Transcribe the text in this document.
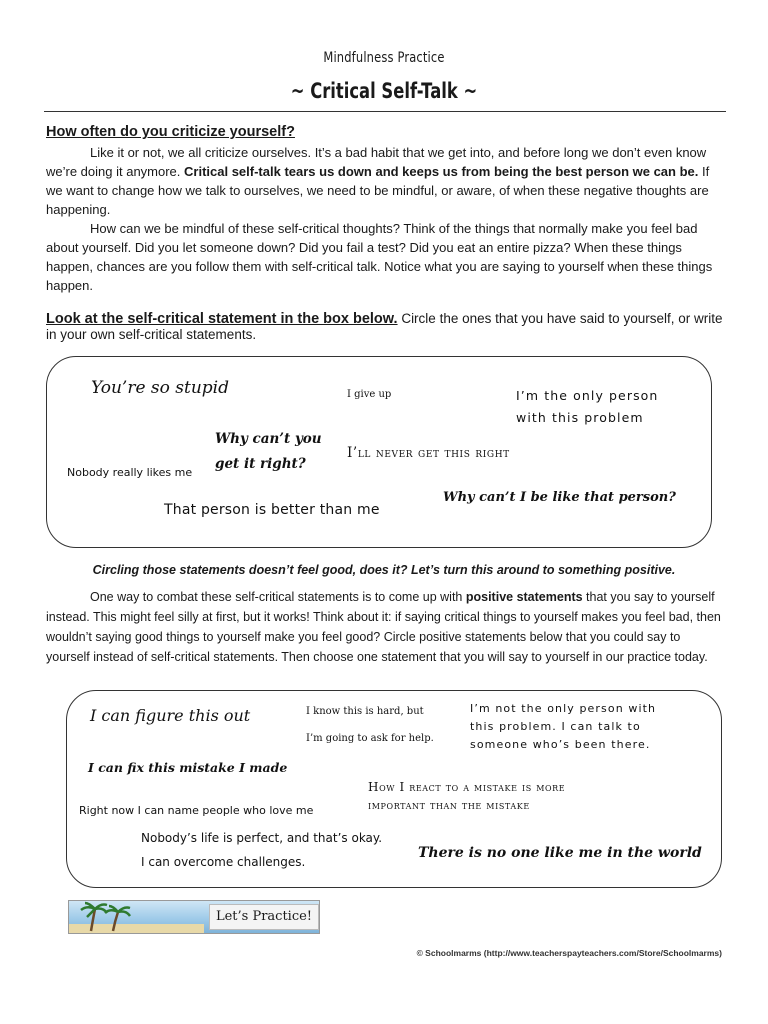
Mindfulness Practice
~ Critical Self-Talk ~
How often do you criticize yourself?

Like it or not, we all criticize ourselves. It’s a bad habit that we get into, and before long we don’t even know we’re doing it anymore. Critical self-talk tears us down and keeps us from being the best person we can be. If we want to change how we talk to ourselves, we need to be mindful, or aware, of when these negative thoughts are happening.

How can we be mindful of these self-critical thoughts? Think of the things that normally make you feel bad about yourself. Did you let someone down? Did you fail a test? Did you eat an entire pizza? When these things happen, chances are you follow them with self-critical talk. Notice what you are saying to yourself when these things happen.

Look at the self-critical statement in the box below. Circle the ones that you have said to yourself, or write in your own self-critical statements.
You’re so stupid	I give up	I’m the only person
with this problem
Why can’t you
get it right?
I’ll never get this right
Nobody really likes me
Why can’t I be like that person?
That person is better than me
Circling those statements doesn’t feel good, does it? Let’s turn this around to something positive.

One way to combat these self-critical statements is to come up with positive statements that you say to yourself instead. This might feel silly at first, but it works! Think about it: if saying critical things to yourself makes you feel bad, then wouldn’t saying good things to yourself make you feel good? Circle positive statements below that you could say to yourself instead of self-critical statements. Then choose one statement that you will say to yourself in our practice today.

I can figure this out	I know this is hard, but
I’m going to ask for help.
I’m not the only person with
this problem. I can talk to
someone who’s been there.
I can fix this mistake I made
How I react to a mistake is more
important than the mistake
Right now I can name people who love me
Nobody’s life is perfect, and that’s okay.
I can overcome challenges.
There is no one like me in the world
Let’s Practice!
© Schoolmarms (http://www.teacherspayteachers.com/Store/Schoolmarms)
